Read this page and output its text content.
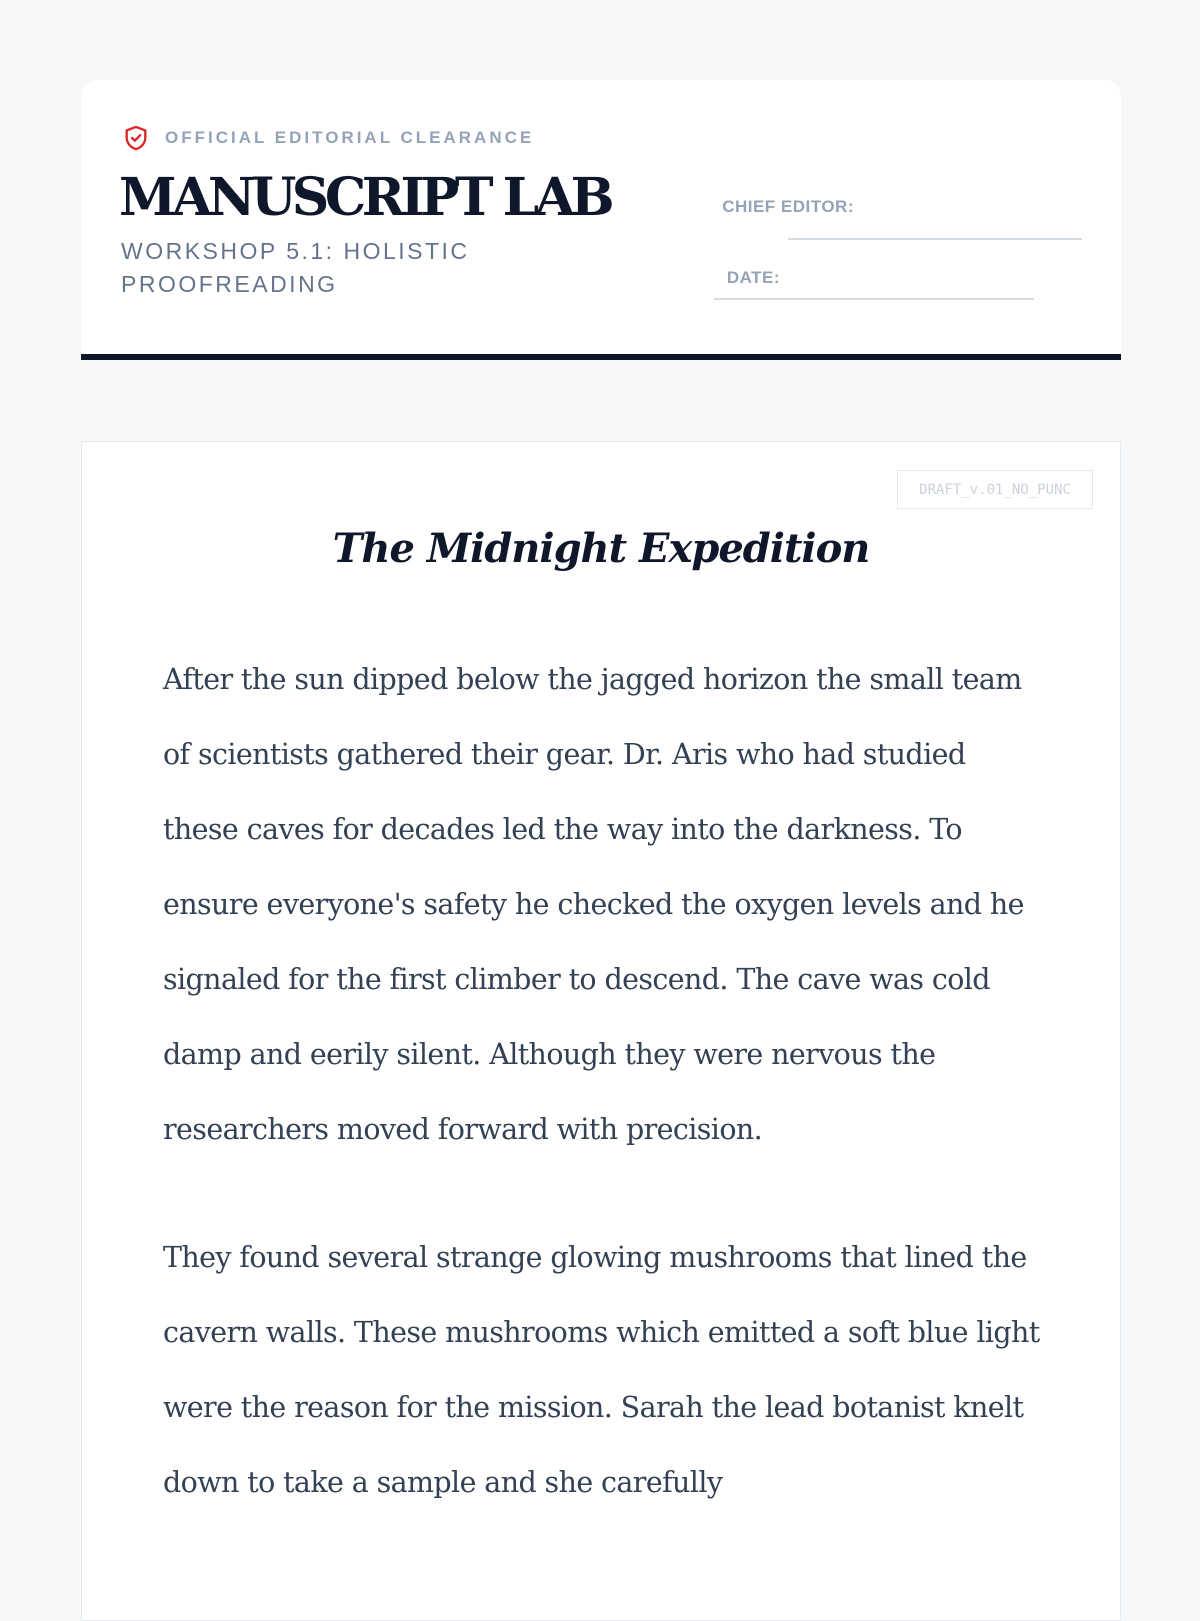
OFFICIAL EDITORIAL CLEARANCE
MANUSCRIPT LAB

WORKSHOP 5.1: HOLISTIC PROOFREADING

CHIEF EDITOR:
DATE:
DRAFT_v.01_NO_PUNC
The Midnight Expedition

After the sun dipped below the jagged horizon the small team of scientists gathered their gear. Dr. Aris who had studied these caves for decades led the way into the darkness. To ensure everyone's safety he checked the oxygen levels and he signaled for the first climber to descend. The cave was cold damp and eerily silent. Although they were nervous the researchers moved forward with precision.

They found several strange glowing mushrooms that lined the cavern walls. These mushrooms which emitted a soft blue light were the reason for the mission. Sarah the lead botanist knelt down to take a sample and she carefully
